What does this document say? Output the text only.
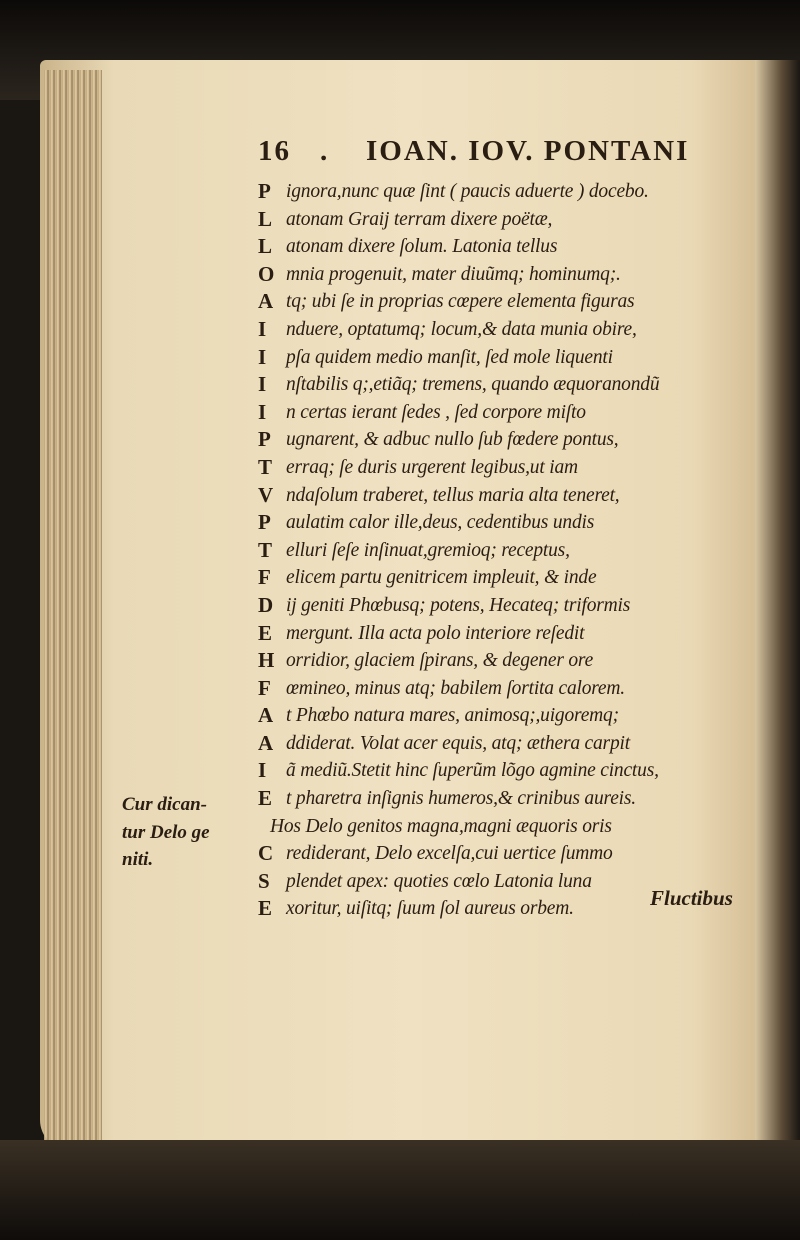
16 . IOAN. IOV. PONTANI
P ignora,nunc quæ ſint ( paucis aduerte ) docebo.
L atonam Graij terram dixere poëtæ,
L atonam dixere ſolum. Latonia tellus
O mnia progenuit, mater diuũmq; hominumq;.
A tq; ubi ſe in proprias cœpere elementa figuras
I	nduere, optatumq; locum,& data munia obire,
I	pſa quidem medio manſit, ſed mole liquenti
I	nſtabilis q;,etiãq; tremens, quando æquoranondũ
I	n certas ierant ſedes , ſed corpore miſto
P ugnarent, & adbuc nullo ſub fœdere pontus,
T erraq; ſe duris urgerent legibus,ut iam
V ndaſolum traberet, tellus maria alta teneret,
P aulatim calor ille,deus, cedentibus undis
T elluri ſeſe inſinuat,gremioq; receptus,
F elicem partu genitricem impleuit, & inde
D ij geniti Phœbusq; potens, Hecateq; triformis
E mergunt. Illa acta polo interiore reſedit
H orridior, glaciem ſpirans, & degener ore
F œmineo, minus atq; babilem ſortita calorem.
A t Phœbo natura mares, animosq;,uigoremq;
A ddiderat. Volat acer equis, atq; æthera carpit
I	ã mediũ.Stetit hinc ſuperũm lõgo agmine cinctus,
E t pharetra inſignis humeros,& crinibus aureis.
Hos Delo genitos magna,magni æquoris oris
C rediderant, Delo excelſa,cui uertice ſummo
S plendet apex: quoties cœlo Latonia luna
E xoritur, uiſitq; ſuum ſol aureus orbem.
Cur dican-
tur Delo ge
niti.
Fluctibus
